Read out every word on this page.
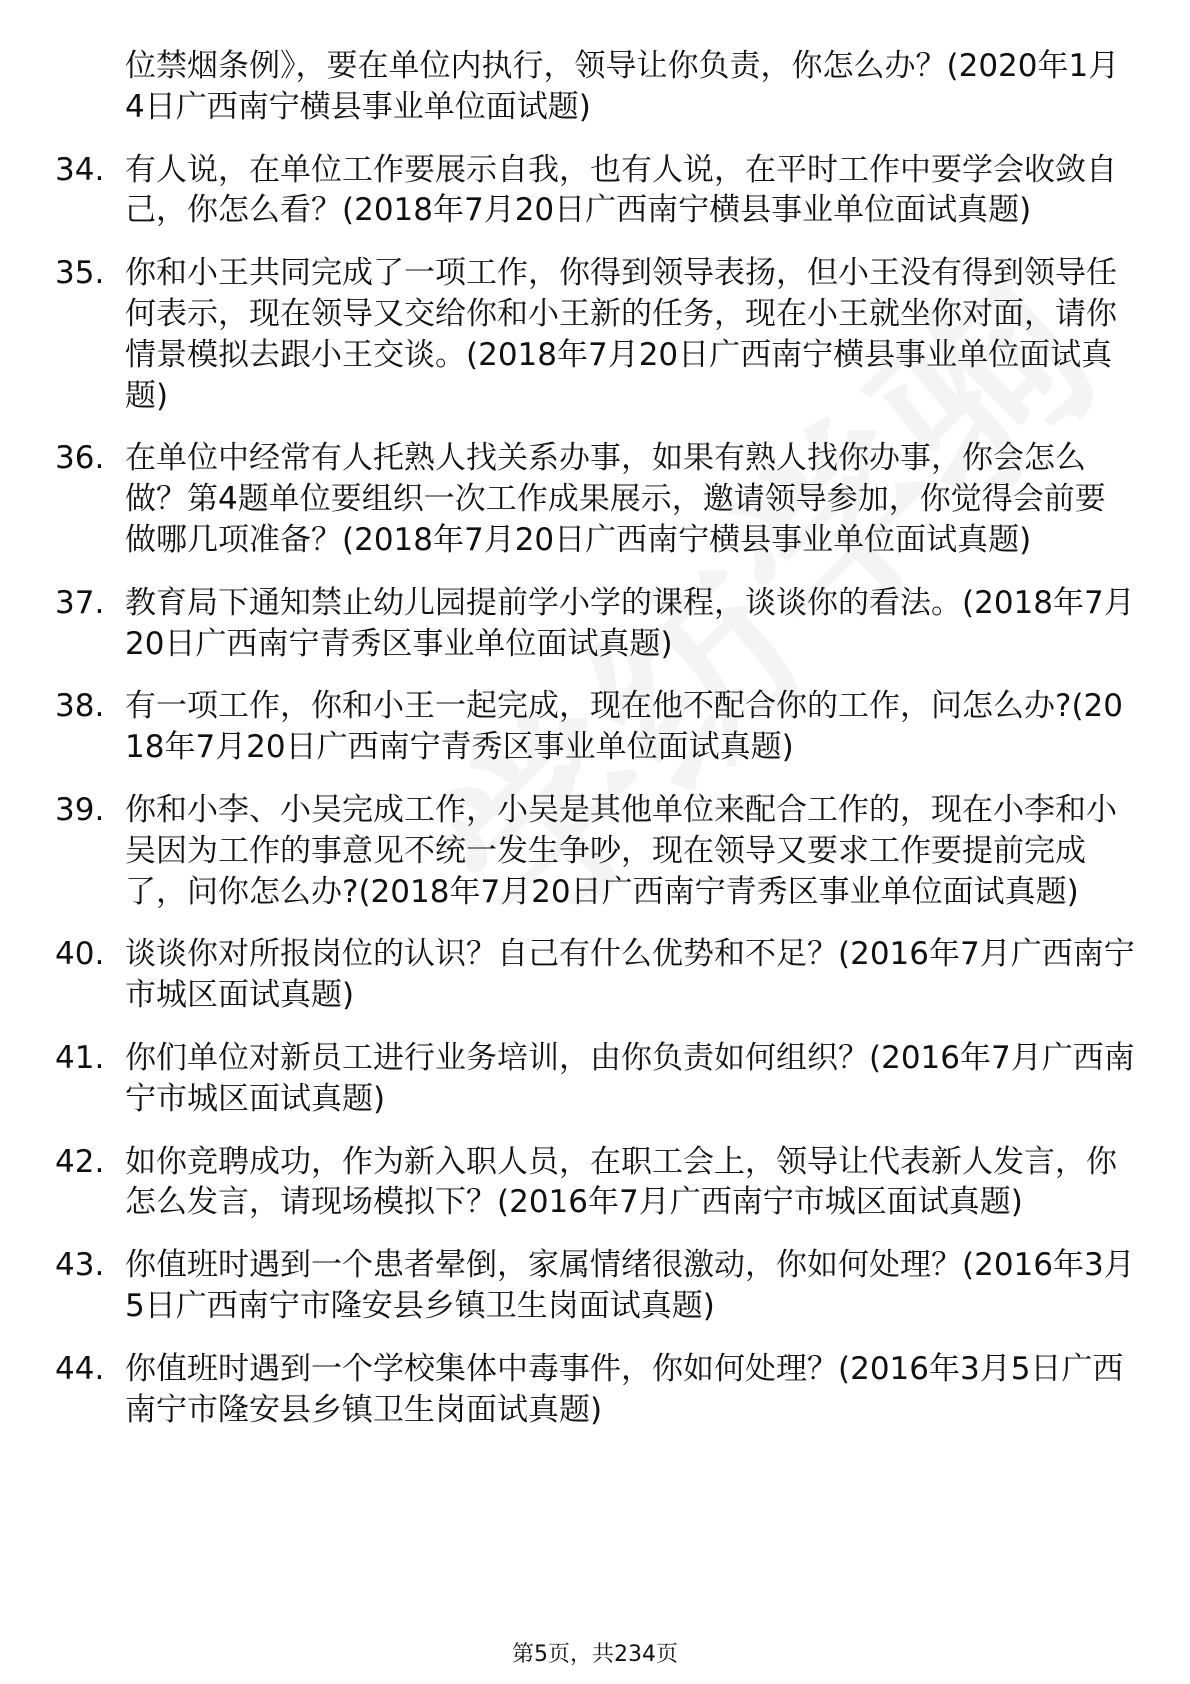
位禁烟条例》，要在单位内执行，领导让你负责，你怎么办？(2020年1月4日广西南宁横县事业单位面试题)
34. 有人说，在单位工作要展示自我，也有人说，在平时工作中要学会收敛自己，你怎么看？(2018年7月20日广西南宁横县事业单位面试真题)
35. 你和小王共同完成了一项工作，你得到领导表扬，但小王没有得到领导任何表示，现在领导又交给你和小王新的任务，现在小王就坐你对面，请你情景模拟去跟小王交谈。(2018年7月20日广西南宁横县事业单位面试真题)
36. 在单位中经常有人托熟人找关系办事，如果有熟人找你办事，你会怎么做？第4题单位要组织一次工作成果展示，邀请领导参加，你觉得会前要做哪几项准备？(2018年7月20日广西南宁横县事业单位面试真题)
37. 教育局下通知禁止幼儿园提前学小学的课程，谈谈你的看法。(2018年7月20日广西南宁青秀区事业单位面试真题)
38. 有一项工作，你和小王一起完成，现在他不配合你的工作，问怎么办?(2018年7月20日广西南宁青秀区事业单位面试真题)
39. 你和小李、小吴完成工作，小吴是其他单位来配合工作的，现在小李和小吴因为工作的事意见不统一发生争吵，现在领导又要求工作要提前完成了，问你怎么办?(2018年7月20日广西南宁青秀区事业单位面试真题)
40. 谈谈你对所报岗位的认识？自己有什么优势和不足？(2016年7月广西南宁市城区面试真题)
41. 你们单位对新员工进行业务培训，由你负责如何组织？(2016年7月广西南宁市城区面试真题)
42. 如你竞聘成功，作为新入职人员，在职工会上，领导让代表新人发言，你怎么发言，请现场模拟下？(2016年7月广西南宁市城区面试真题)
43. 你值班时遇到一个患者晕倒，家属情绪很激动，你如何处理？(2016年3月5日广西南宁市隆安县乡镇卫生岗面试真题)
44. 你值班时遇到一个学校集体中毒事件，你如何处理？(2016年3月5日广西南宁市隆安县乡镇卫生岗面试真题)
第5页，共234页
